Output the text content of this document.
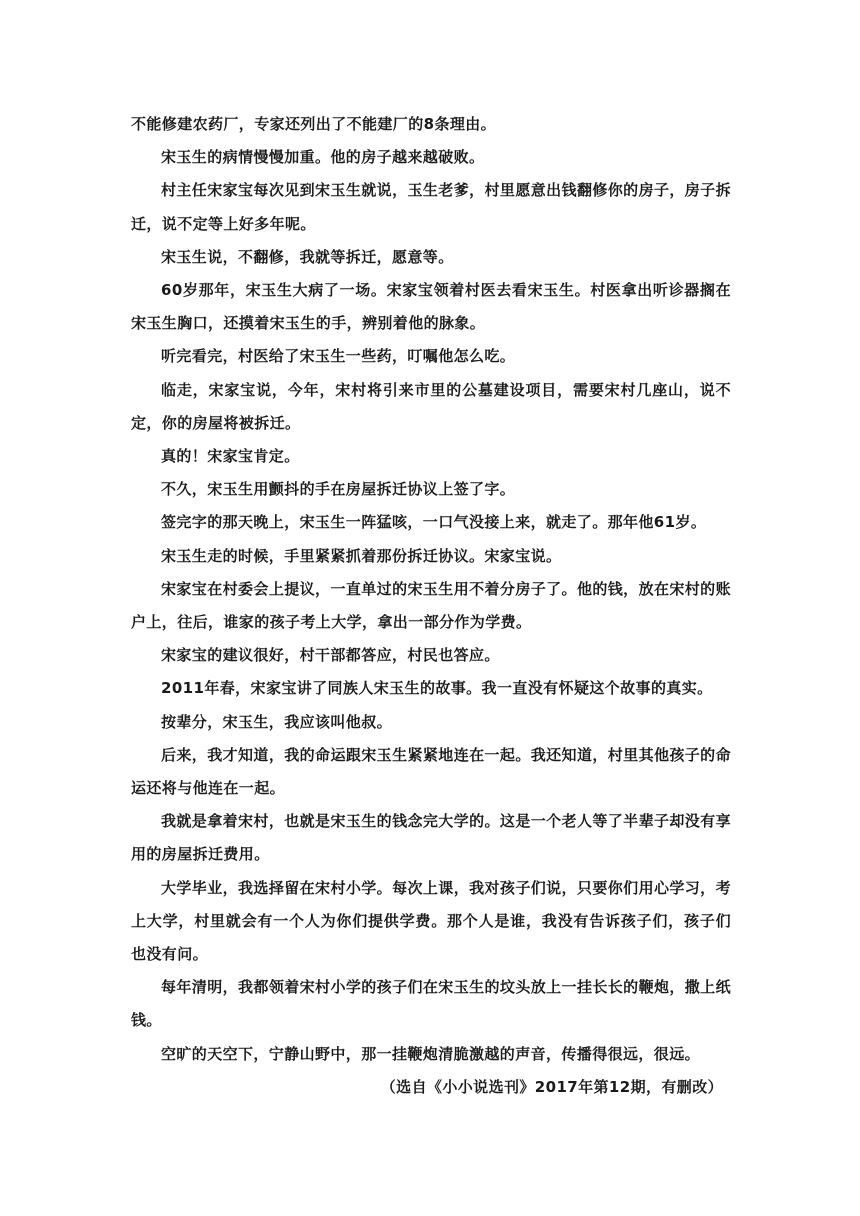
不能修建农药厂，专家还列出了不能建厂的8条理由。

宋玉生的病情慢慢加重。他的房子越来越破败。

村主任宋家宝每次见到宋玉生就说，玉生老爹，村里愿意出钱翻修你的房子，房子拆迁，说不定等上好多年呢。

宋玉生说，不翻修，我就等拆迁，愿意等。

60岁那年，宋玉生大病了一场。宋家宝领着村医去看宋玉生。村医拿出听诊器搁在宋玉生胸口，还摸着宋玉生的手，辨别着他的脉象。

听完看完，村医给了宋玉生一些药，叮嘱他怎么吃。

临走，宋家宝说，今年，宋村将引来市里的公墓建设项目，需要宋村几座山，说不定，你的房屋将被拆迁。

真的！宋家宝肯定。

不久，宋玉生用颤抖的手在房屋拆迁协议上签了字。

签完字的那天晚上，宋玉生一阵猛咳，一口气没接上来，就走了。那年他61岁。

宋玉生走的时候，手里紧紧抓着那份拆迁协议。宋家宝说。

宋家宝在村委会上提议，一直单过的宋玉生用不着分房子了。他的钱，放在宋村的账户上，往后，谁家的孩子考上大学，拿出一部分作为学费。

宋家宝的建议很好，村干部都答应，村民也答应。

2011年春，宋家宝讲了同族人宋玉生的故事。我一直没有怀疑这个故事的真实。

按辈分，宋玉生，我应该叫他叔。

后来，我才知道，我的命运跟宋玉生紧紧地连在一起。我还知道，村里其他孩子的命运还将与他连在一起。

我就是拿着宋村，也就是宋玉生的钱念完大学的。这是一个老人等了半辈子却没有享用的房屋拆迁费用。

大学毕业，我选择留在宋村小学。每次上课，我对孩子们说，只要你们用心学习，考上大学，村里就会有一个人为你们提供学费。那个人是谁，我没有告诉孩子们，孩子们也没有问。

每年清明，我都领着宋村小学的孩子们在宋玉生的坟头放上一挂长长的鞭炮，撒上纸钱。

空旷的天空下，宁静山野中，那一挂鞭炮清脆激越的声音，传播得很远，很远。

（选自《小小说选刊》2017年第12期，有删改）
